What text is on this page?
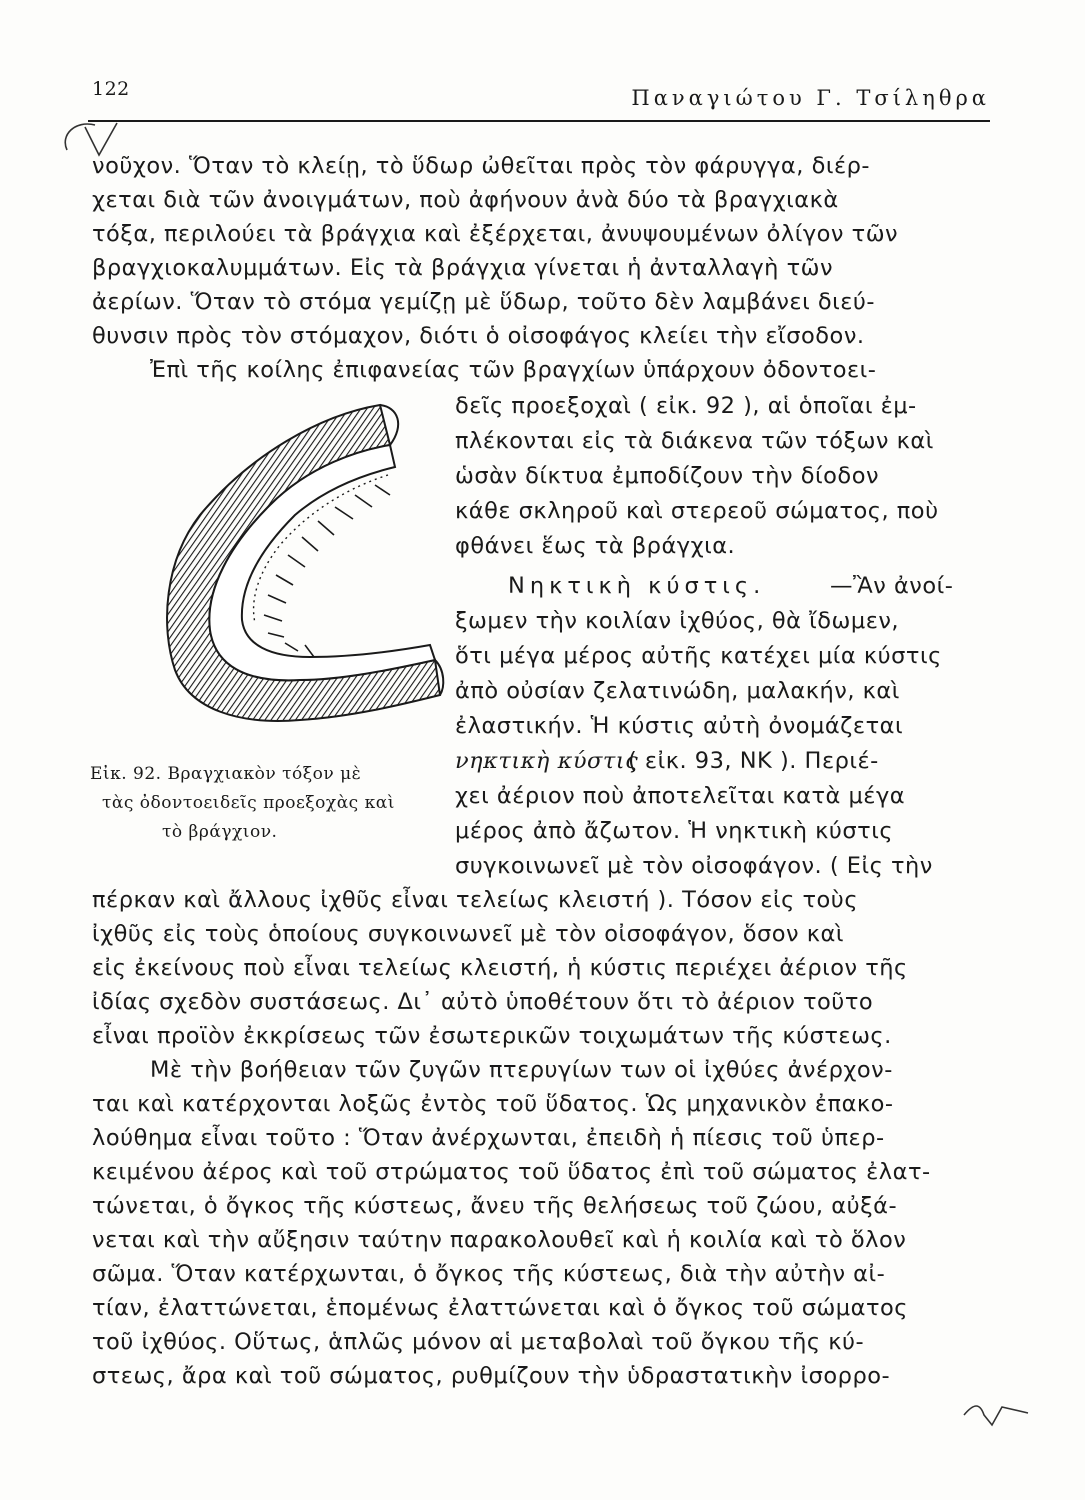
122	Παναγιώτου Γ. Τσίληθρα
νοῦχον. Ὅταν τὸ κλείῃ, τὸ ὕδωρ ὠθεῖται πρὸς τὸν φάρυγγα, διέρ-
χεται διὰ τῶν ἀνοιγμάτων, ποὺ ἀφήνουν ἀνὰ δύο τὰ βραγχιακὰ
τόξα, περιλούει τὰ βράγχια καὶ ἐξέρχεται, ἀνυψουμένων ὀλίγον τῶν
βραγχιοκαλυμμάτων. Εἰς τὰ βράγχια γίνεται ἡ ἀνταλλαγὴ τῶν
ἀερίων. Ὅταν τὸ στόμα γεμίζῃ μὲ ὕδωρ, τοῦτο δὲν λαμβάνει διεύ-
θυνσιν πρὸς τὸν στόμαχον, διότι ὁ οἰσοφάγος κλείει τὴν εἴσοδον.
Ἐπὶ τῆς κοίλης ἐπιφανείας τῶν βραγχίων ὑπάρχουν ὀδοντοει-
δεῖς προεξοχαὶ ( εἰκ. 92 ), αἱ ὁποῖαι ἐμ-
πλέκονται εἰς τὰ διάκενα τῶν τόξων καὶ
ὡσὰν δίκτυα ἐμποδίζουν τὴν δίοδον
κάθε σκληροῦ καὶ στερεοῦ σώματος, ποὺ
φθάνει ἕως τὰ βράγχια.
Νηκτικὴ κύστις.	—Ἂν ἀνοί-
ξωμεν τὴν κοιλίαν ἰχθύος, θὰ ἴδωμεν,
ὅτι μέγα μέρος αὐτῆς κατέχει μία κύστις
ἀπὸ οὐσίαν ζελατινώδη, μαλακήν, καὶ
ἐλαστικήν. Ἡ κύστις αὐτὴ ὀνομάζεται
νηκτικὴ κύστις
( εἰκ. 93, ΝΚ ). Περιέ-
χει ἀέριον ποὺ ἀποτελεῖται κατὰ μέγα
μέρος ἀπὸ ἄζωτον. Ἡ νηκτικὴ κύστις
συγκοινωνεῖ μὲ τὸν οἰσοφάγον. ( Εἰς τὴν
πέρκαν καὶ ἄλλους ἰχθῦς εἶναι τελείως κλειστή ). Τόσον εἰς τοὺς
ἰχθῦς εἰς τοὺς ὁποίους συγκοινωνεῖ μὲ τὸν οἰσοφάγον, ὅσον καὶ
εἰς ἐκείνους ποὺ εἶναι τελείως κλειστή, ἡ κύστις περιέχει ἀέριον τῆς
ἰδίας σχεδὸν συστάσεως. Δι᾽ αὐτὸ ὑποθέτουν ὅτι τὸ ἀέριον τοῦτο
εἶναι προϊὸν ἐκκρίσεως τῶν ἐσωτερικῶν τοιχωμάτων τῆς κύστεως.
Μὲ τὴν βοήθειαν τῶν ζυγῶν πτερυγίων των οἱ ἰχθύες ἀνέρχον-
ται καὶ κατέρχονται λοξῶς ἐντὸς τοῦ ὕδατος. Ὡς μηχανικὸν ἐπακο-
λούθημα εἶναι τοῦτο : Ὅταν ἀνέρχωνται, ἐπειδὴ ἡ πίεσις τοῦ ὑπερ-
κειμένου ἀέρος καὶ τοῦ στρώματος τοῦ ὕδατος ἐπὶ τοῦ σώματος ἐλατ-
τώνεται, ὁ ὄγκος τῆς κύστεως, ἄνευ τῆς θελήσεως τοῦ ζώου, αὐξά-
νεται καὶ τὴν αὔξησιν ταύτην παρακολουθεῖ καὶ ἡ κοιλία καὶ τὸ ὅλον
σῶμα. Ὅταν κατέρχωνται, ὁ ὄγκος τῆς κύστεως, διὰ τὴν αὐτὴν αἰ-
τίαν, ἐλαττώνεται, ἑπομένως ἐλαττώνεται καὶ ὁ ὄγκος τοῦ σώματος
τοῦ ἰχθύος. Οὕτως, ἁπλῶς μόνον αἱ μεταβολαὶ τοῦ ὄγκου τῆς κύ-
στεως, ἄρα καὶ τοῦ σώματος, ρυθμίζουν τὴν ὑδραστατικὴν ἰσορρο-
Εἰκ. 92. Βραγχιακὸν τόξον μὲ
τὰς ὀδοντοειδεῖς προεξοχὰς καὶ
τὸ βράγχιον.
